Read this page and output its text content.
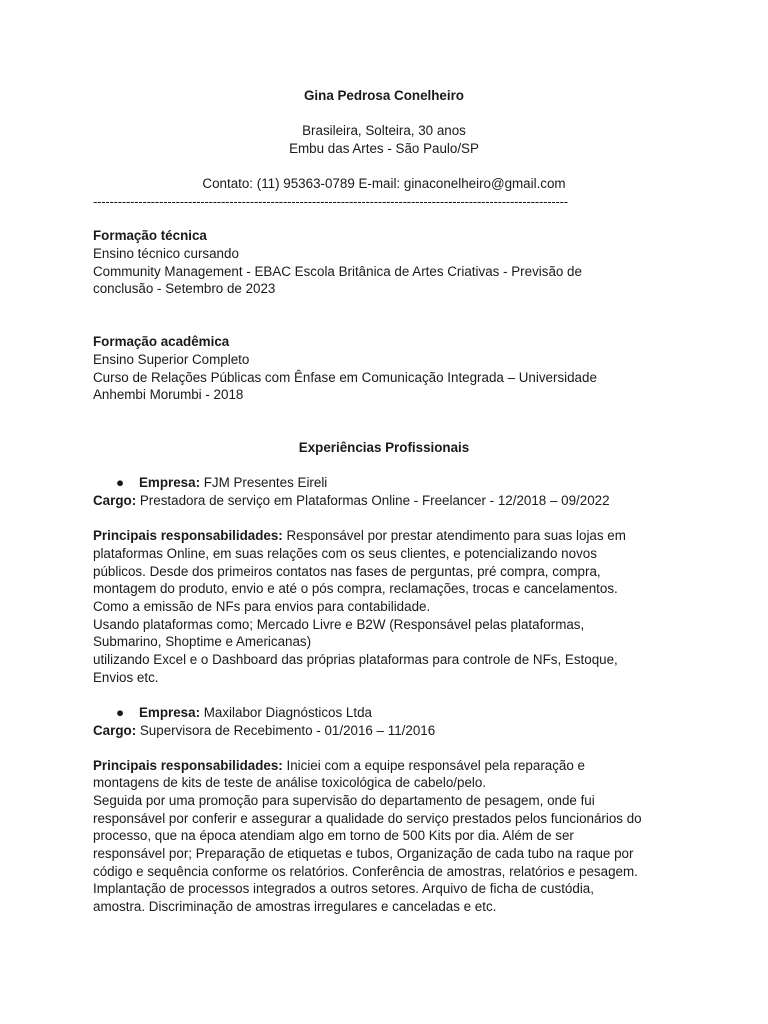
Gina Pedrosa Conelheiro
Brasileira, Solteira, 30 anos
Embu das Artes - São Paulo/SP
Contato: (11) 95363-0789 E-mail: ginaconelheiro@gmail.com
-------------------------------------------------------------------------------------------------------------------
Formação técnica
Ensino técnico cursando
Community Management - EBAC Escola Britânica de Artes Criativas - Previsão de
conclusão - Setembro de 2023
Formação acadêmica
Ensino Superior Completo
Curso de Relações Públicas com Ênfase em Comunicação Integrada – Universidade
Anhembi Morumbi - 2018
Experiências Profissionais
● Empresa: FJM Presentes Eireli
Cargo: Prestadora de serviço em Plataformas Online - Freelancer - 12/2018 – 09/2022
Principais responsabilidades: Responsável por prestar atendimento para suas lojas em
plataformas Online, em suas relações com os seus clientes, e potencializando novos
públicos. Desde dos primeiros contatos nas fases de perguntas, pré compra, compra,
montagem do produto, envio e até o pós compra, reclamações, trocas e cancelamentos.
Como a emissão de NFs para envios para contabilidade.
Usando plataformas como; Mercado Livre e B2W (Responsável pelas plataformas,
Submarino, Shoptime e Americanas)
utilizando Excel e o Dashboard das próprias plataformas para controle de NFs, Estoque,
Envios etc.
● Empresa: Maxilabor Diagnósticos Ltda
Cargo: Supervisora de Recebimento - 01/2016 – 11/2016
Principais responsabilidades: Iniciei com a equipe responsável pela reparação e
montagens de kits de teste de análise toxicológica de cabelo/pelo.
Seguida por uma promoção para supervisão do departamento de pesagem, onde fui
responsável por conferir e assegurar a qualidade do serviço prestados pelos funcionários do
processo, que na época atendiam algo em torno de 500 Kits por dia. Além de ser
responsável por; Preparação de etiquetas e tubos, Organização de cada tubo na raque por
código e sequência conforme os relatórios. Conferência de amostras, relatórios e pesagem.
Implantação de processos integrados a outros setores. Arquivo de ficha de custódia,
amostra. Discriminação de amostras irregulares e canceladas e etc.
